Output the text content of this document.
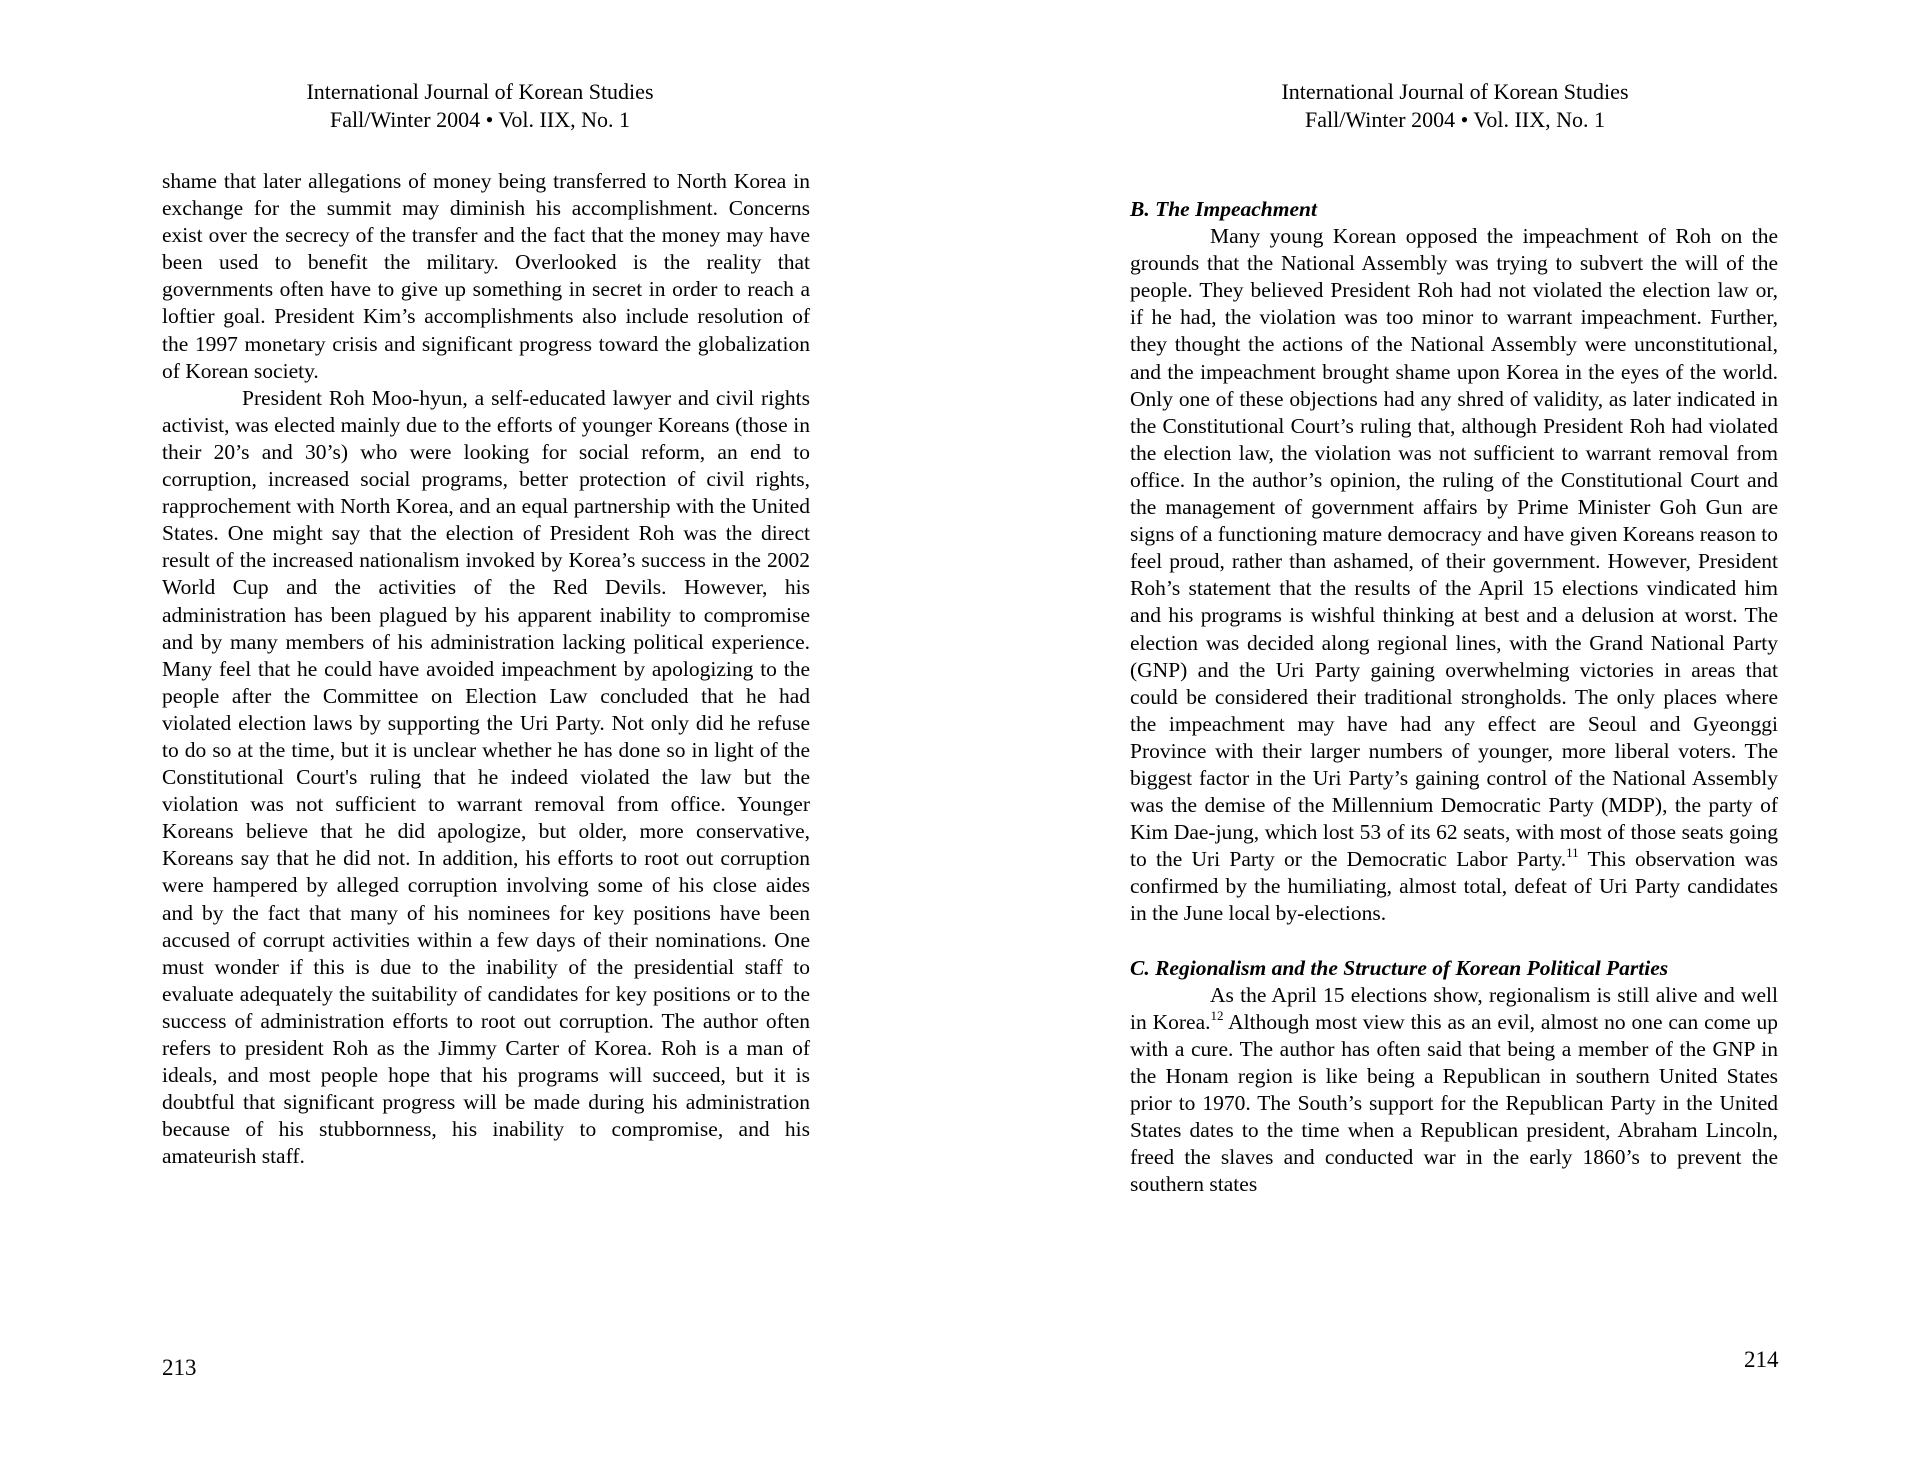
International Journal of Korean Studies
Fall/Winter 2004 • Vol. IIX, No. 1

shame that later allegations of money being transferred to North Korea in exchange for the summit may diminish his accomplishment. Concerns exist over the secrecy of the transfer and the fact that the money may have been used to benefit the military. Overlooked is the reality that governments often have to give up something in secret in order to reach a loftier goal. President Kim’s accomplishments also include resolution of the 1997 monetary crisis and significant progress toward the globalization of Korean society.

President Roh Moo-hyun, a self-educated lawyer and civil rights activist, was elected mainly due to the efforts of younger Koreans (those in their 20’s and 30’s) who were looking for social reform, an end to corruption, increased social programs, better protection of civil rights, rapprochement with North Korea, and an equal partnership with the United States. One might say that the election of President Roh was the direct result of the increased nationalism invoked by Korea’s success in the 2002 World Cup and the activities of the Red Devils. However, his administration has been plagued by his apparent inability to compromise and by many members of his administration lacking political experience. Many feel that he could have avoided impeachment by apologizing to the people after the Committee on Election Law concluded that he had violated election laws by supporting the Uri Party. Not only did he refuse to do so at the time, but it is unclear whether he has done so in light of the Constitutional Court's ruling that he indeed violated the law but the violation was not sufficient to warrant removal from office. Younger Koreans believe that he did apologize, but older, more conservative, Koreans say that he did not. In addition, his efforts to root out corruption were hampered by alleged corruption involving some of his close aides and by the fact that many of his nominees for key positions have been accused of corrupt activities within a few days of their nominations. One must wonder if this is due to the inability of the presidential staff to evaluate adequately the suitability of candidates for key positions or to the success of administration efforts to root out corruption. The author often refers to president Roh as the Jimmy Carter of Korea. Roh is a man of ideals, and most people hope that his programs will succeed, but it is doubtful that significant progress will be made during his administration because of his stubbornness, his inability to compromise, and his amateurish staff.

213
International Journal of Korean Studies
Fall/Winter 2004 • Vol. IIX, No. 1

B. The Impeachment

Many young Korean opposed the impeachment of Roh on the grounds that the National Assembly was trying to subvert the will of the people. They believed President Roh had not violated the election law or, if he had, the violation was too minor to warrant impeachment. Further, they thought the actions of the National Assembly were unconstitutional, and the impeachment brought shame upon Korea in the eyes of the world. Only one of these objections had any shred of validity, as later indicated in the Constitutional Court’s ruling that, although President Roh had violated the election law, the violation was not sufficient to warrant removal from office. In the author’s opinion, the ruling of the Constitutional Court and the management of government affairs by Prime Minister Goh Gun are signs of a functioning mature democracy and have given Koreans reason to feel proud, rather than ashamed, of their government. However, President Roh’s statement that the results of the April 15 elections vindicated him and his programs is wishful thinking at best and a delusion at worst. The election was decided along regional lines, with the Grand National Party (GNP) and the Uri Party gaining overwhelming victories in areas that could be considered their traditional strongholds. The only places where the impeachment may have had any effect are Seoul and Gyeonggi Province with their larger numbers of younger, more liberal voters. The biggest factor in the Uri Party’s gaining control of the National Assembly was the demise of the Millennium Democratic Party (MDP), the party of Kim Dae-jung, which lost 53 of its 62 seats, with most of those seats going to the Uri Party or the Democratic Labor Party.$^{11}$ This observation was confirmed by the humiliating, almost total, defeat of Uri Party candidates in the June local by-elections.

C. Regionalism and the Structure of Korean Political Parties

As the April 15 elections show, regionalism is still alive and well in Korea.$^{12}$ Although most view this as an evil, almost no one can come up with a cure. The author has often said that being a member of the GNP in the Honam region is like being a Republican in southern United States prior to 1970. The South’s support for the Republican Party in the United States dates to the time when a Republican president, Abraham Lincoln, freed the slaves and conducted war in the early 1860’s to prevent the southern states

214
